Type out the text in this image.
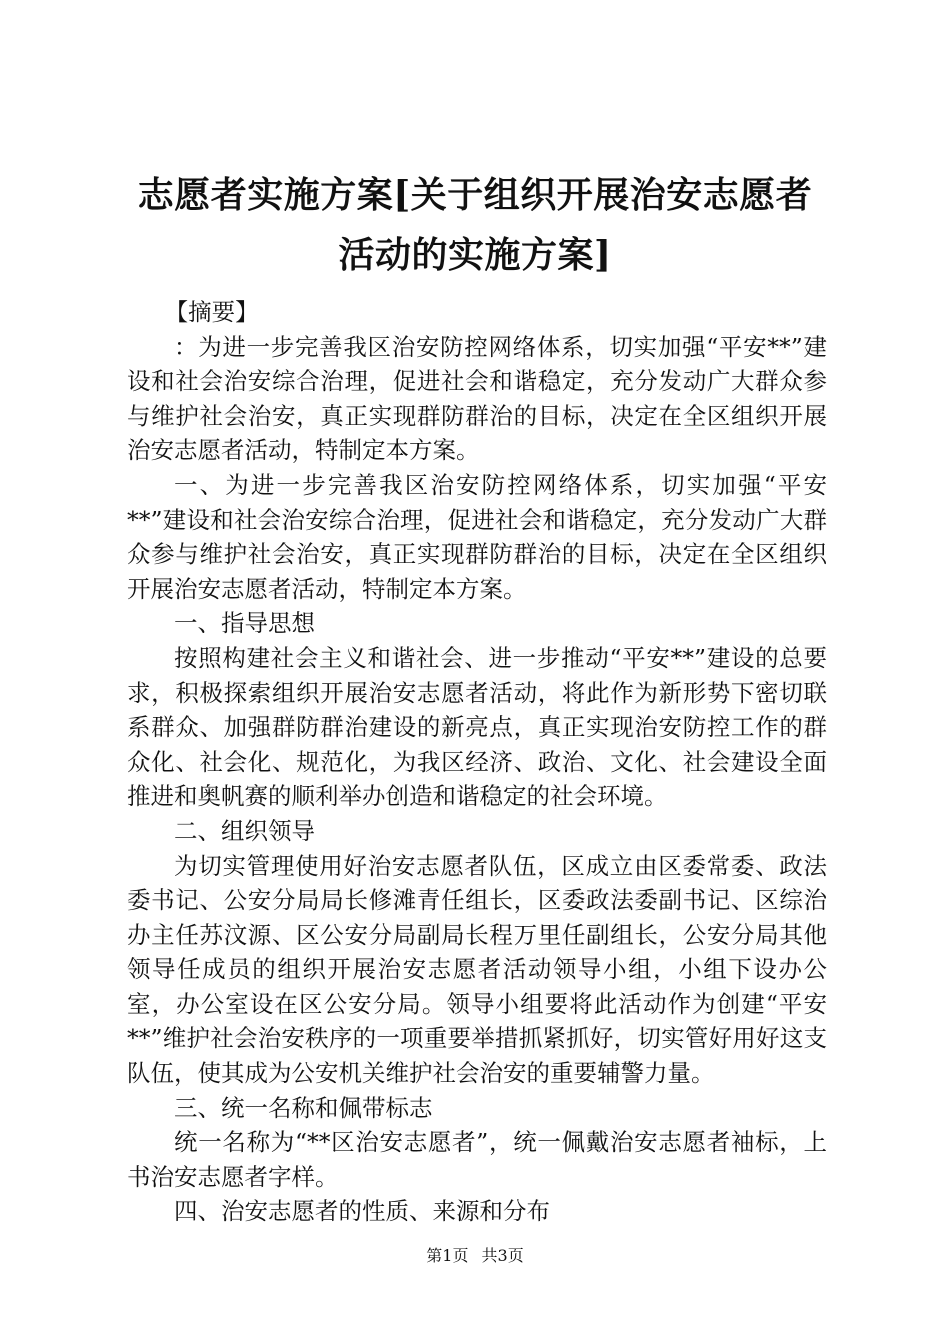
志愿者实施方案[关于组织开展治安志愿者活动的实施方案]

【摘要】

：为进一步完善我区治安防控网络体系，切实加强“平安**”建设和社会治安综合治理，促进社会和谐稳定，充分发动广大群众参与维护社会治安，真正实现群防群治的目标，决定在全区组织开展治安志愿者活动，特制定本方案。

一、为进一步完善我区治安防控网络体系，切实加强“平安**”建设和社会治安综合治理，促进社会和谐稳定，充分发动广大群众参与维护社会治安，真正实现群防群治的目标，决定在全区组织开展治安志愿者活动，特制定本方案。

一、指导思想

按照构建社会主义和谐社会、进一步推动“平安**”建设的总要求，积极探索组织开展治安志愿者活动，将此作为新形势下密切联系群众、加强群防群治建设的新亮点，真正实现治安防控工作的群众化、社会化、规范化，为我区经济、政治、文化、社会建设全面推进和奥帆赛的顺利举办创造和谐稳定的社会环境。

二、组织领导

为切实管理使用好治安志愿者队伍，区成立由区委常委、政法委书记、公安分局局长修滩青任组长，区委政法委副书记、区综治办主任苏汶源、区公安分局副局长程万里任副组长，公安分局其他领导任成员的组织开展治安志愿者活动领导小组，小组下设办公室，办公室设在区公安分局。领导小组要将此活动作为创建“平安**”维护社会治安秩序的一项重要举措抓紧抓好，切实管好用好这支队伍，使其成为公安机关维护社会治安的重要辅警力量。

三、统一名称和佩带标志

统一名称为“**区治安志愿者”，统一佩戴治安志愿者袖标，上书治安志愿者字样。

四、治安志愿者的性质、来源和分布

第1页 共3页
